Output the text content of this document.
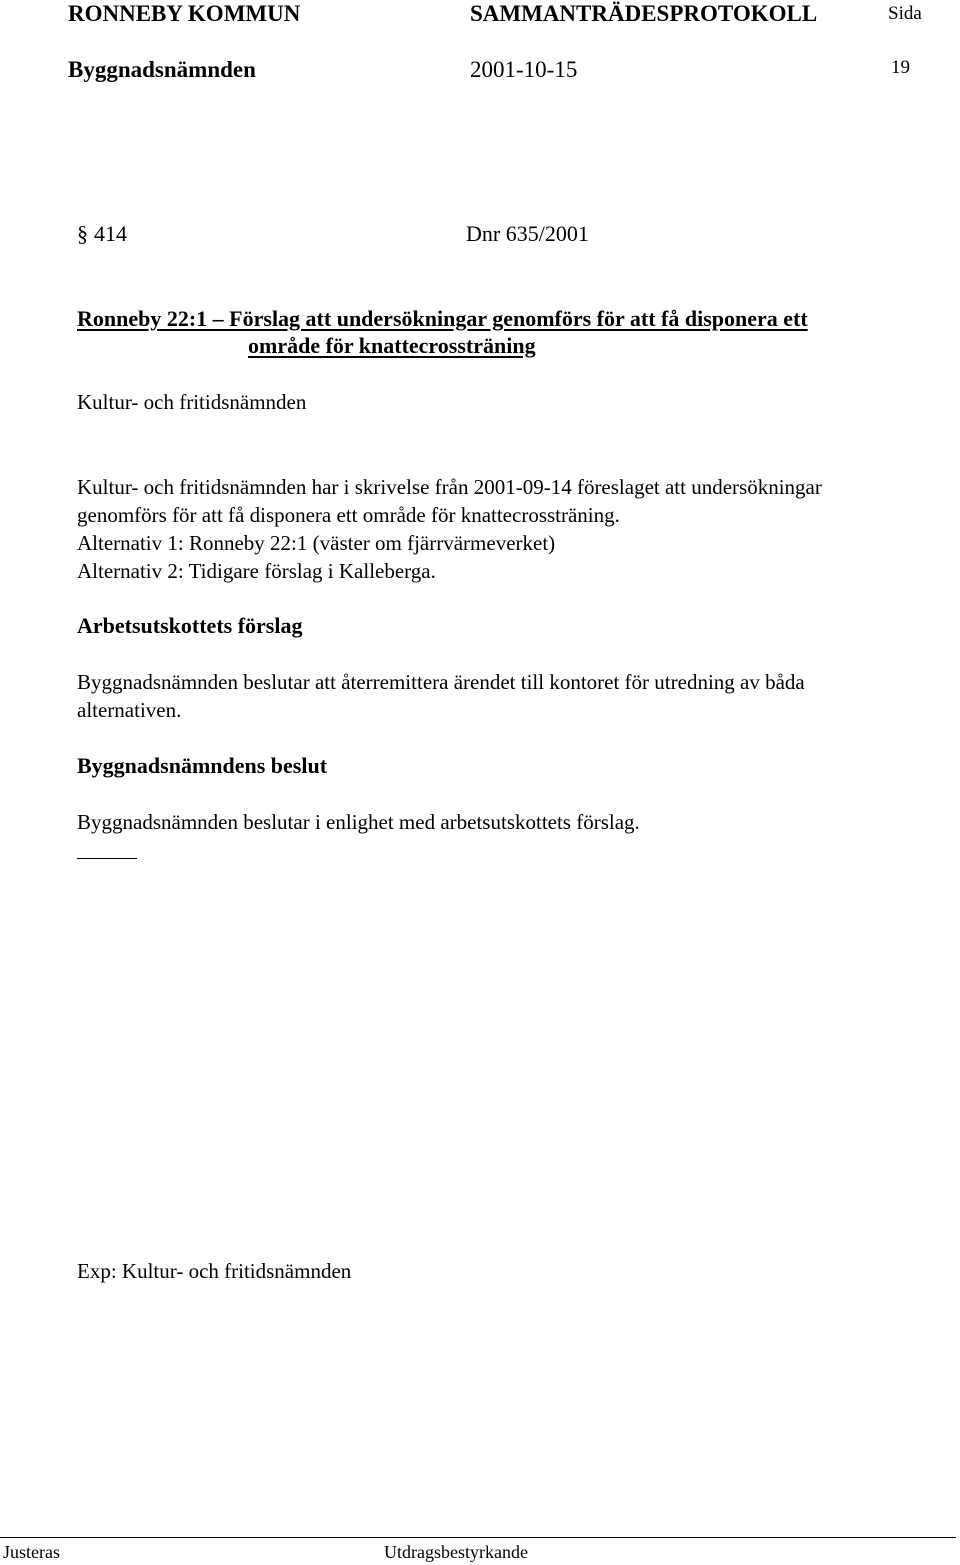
RONNEBY KOMMUN	SAMMANTRÄDESPROTOKOLL	Sida
Byggnadsnämnden	2001-10-15	19
§ 414	Dnr 635/2001
Ronneby 22:1 – Förslag att undersökningar genomförs för att få disponera ett
område för knattecrossträning
Kultur- och fritidsnämnden
Kultur- och fritidsnämnden har i skrivelse från 2001-09-14 föreslaget att undersökningar
genomförs för att få disponera ett område för knattecrossträning.
Alternativ 1: Ronneby 22:1 (väster om fjärrvärmeverket)
Alternativ 2: Tidigare förslag i Kalleberga.
Arbetsutskottets förslag
Byggnadsnämnden beslutar att återremittera ärendet till kontoret för utredning av båda
alternativen.
Byggnadsnämndens beslut
Byggnadsnämnden beslutar i enlighet med arbetsutskottets förslag.
Exp: Kultur- och fritidsnämnden
Justeras	Utdragsbestyrkande
